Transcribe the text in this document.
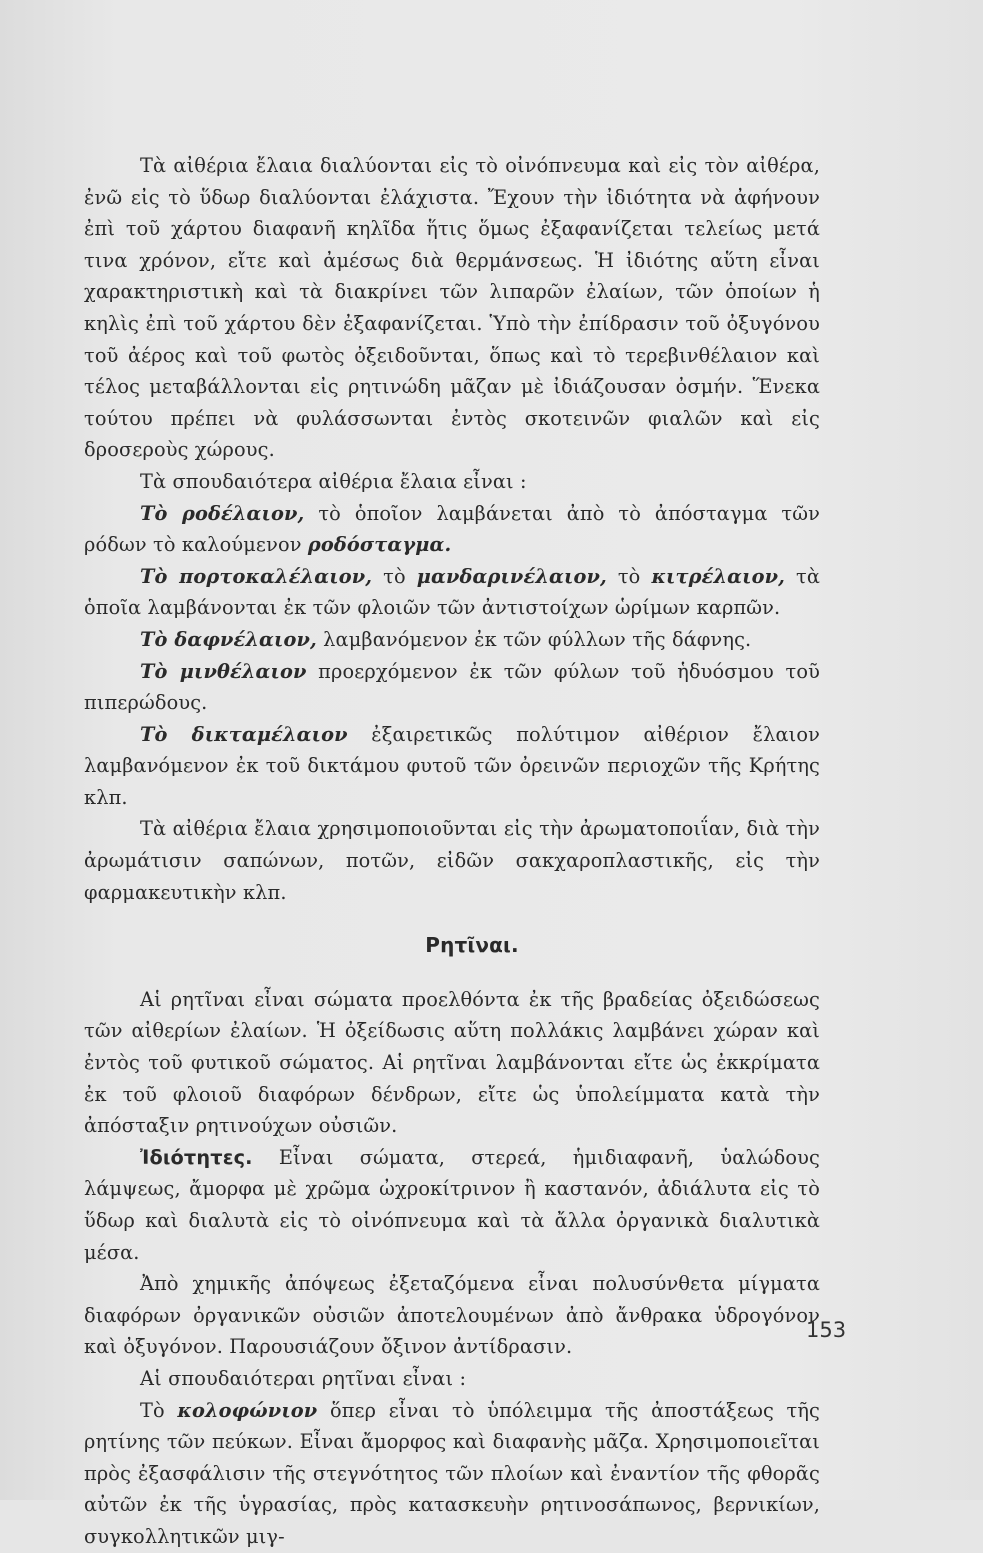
Τὰ αἰθέρια ἔλαια διαλύονται εἰς τὸ οἰνόπνευμα καὶ εἰς τὸν αἰθέρα, ἐνῶ εἰς τὸ ὕδωρ διαλύονται ἐλάχιστα. Ἔχουν τὴν ἰδιότητα νὰ ἀφήνουν ἐπὶ τοῦ χάρτου διαφανῆ κηλῖδα ἥτις ὅμως ἐξαφανίζεται τελείως μετά τινα χρόνον, εἴτε καὶ ἀμέσως διὰ θερμάνσεως. Ἡ ἰδιότης αὕτη εἶναι χαρακτηριστικὴ καὶ τὰ διακρίνει τῶν λιπαρῶν ἐλαίων, τῶν ὁποίων ἡ κηλὶς ἐπὶ τοῦ χάρτου δὲν ἐξαφανίζεται. Ὑπὸ τὴν ἐπίδρασιν τοῦ ὀξυγόνου τοῦ ἀέρος καὶ τοῦ φωτὸς ὀξειδοῦνται, ὅπως καὶ τὸ τερεβινθέλαιον καὶ τέλος μεταβάλλονται εἰς ρητινώδη μᾶζαν μὲ ἰδιάζουσαν ὀσμήν. Ἕνεκα τούτου πρέπει νὰ φυλάσσωνται ἐντὸς σκοτεινῶν φιαλῶν καὶ εἰς δροσεροὺς χώρους.

Τὰ σπουδαιότερα αἰθέρια ἔλαια εἶναι :

Τὸ ροδέλαιον, τὸ ὁποῖον λαμβάνεται ἀπὸ τὸ ἀπόσταγμα τῶν ρόδων τὸ καλούμενον ροδόσταγμα.

Τὸ πορτοκαλέλαιον, τὸ μανδαρινέλαιον, τὸ κιτρέλαιον, τὰ ὁποῖα λαμβάνονται ἐκ τῶν φλοιῶν τῶν ἀντιστοίχων ὡρίμων καρπῶν.

Τὸ δαφνέλαιον, λαμβανόμενον ἐκ τῶν φύλλων τῆς δάφνης.

Τὸ μινθέλαιον προερχόμενον ἐκ τῶν φύλων τοῦ ἡδυόσμου τοῦ πιπερώδους.

Τὸ δικταμέλαιον ἐξαιρετικῶς πολύτιμον αἰθέριον ἔλαιον λαμβανόμενον ἐκ τοῦ δικτάμου φυτοῦ τῶν ὀρεινῶν περιοχῶν τῆς Κρήτης κλπ.

Τὰ αἰθέρια ἔλαια χρησιμοποιοῦνται εἰς τὴν ἀρωματοποιΐαν, διὰ τὴν ἀρωμάτισιν σαπώνων, ποτῶν, εἰδῶν σακχαροπλαστικῆς, εἰς τὴν φαρμακευτικὴν κλπ.

Ρητῖναι.

Αἱ ρητῖναι εἶναι σώματα προελθόντα ἐκ τῆς βραδείας ὀξειδώσεως τῶν αἰθερίων ἐλαίων. Ἡ ὀξείδωσις αὕτη πολλάκις λαμβάνει χώραν καὶ ἐντὸς τοῦ φυτικοῦ σώματος. Αἱ ρητῖναι λαμβάνονται εἴτε ὡς ἐκκρίματα ἐκ τοῦ φλοιοῦ διαφόρων δένδρων, εἴτε ὡς ὑπολείμματα κατὰ τὴν ἀπόσταξιν ρητινούχων οὐσιῶν.

Ἰδιότητες. Εἶναι σώματα, στερεά, ἡμιδιαφανῆ, ὑαλώδους λάμψεως, ἄμορφα μὲ χρῶμα ὠχροκίτρινον ἢ καστανόν, ἀδιάλυτα εἰς τὸ ὕδωρ καὶ διαλυτὰ εἰς τὸ οἰνόπνευμα καὶ τὰ ἄλλα ὀργανικὰ διαλυτικὰ μέσα.

Ἀπὸ χημικῆς ἀπόψεως ἐξεταζόμενα εἶναι πολυσύνθετα μίγματα διαφόρων ὀργανικῶν οὐσιῶν ἀποτελουμένων ἀπὸ ἄνθρακα ὑδρογόνον καὶ ὀξυγόνον. Παρουσιάζουν ὄξινον ἀντίδρασιν.

Αἱ σπουδαιότεραι ρητῖναι εἶναι :

Τὸ κολοφώνιον ὅπερ εἶναι τὸ ὑπόλειμμα τῆς ἀποστάξεως τῆς ρητίνης τῶν πεύκων. Εἶναι ἄμορφος καὶ διαφανὴς μᾶζα. Χρησιμοποιεῖται πρὸς ἐξασφάλισιν τῆς στεγνότητος τῶν πλοίων καὶ ἐναντίον τῆς φθορᾶς αὐτῶν ἐκ τῆς ὑγρασίας, πρὸς κατασκευὴν ρητινοσάπωνος, βερνικίων, συγκολλητικῶν μιγ-

153
